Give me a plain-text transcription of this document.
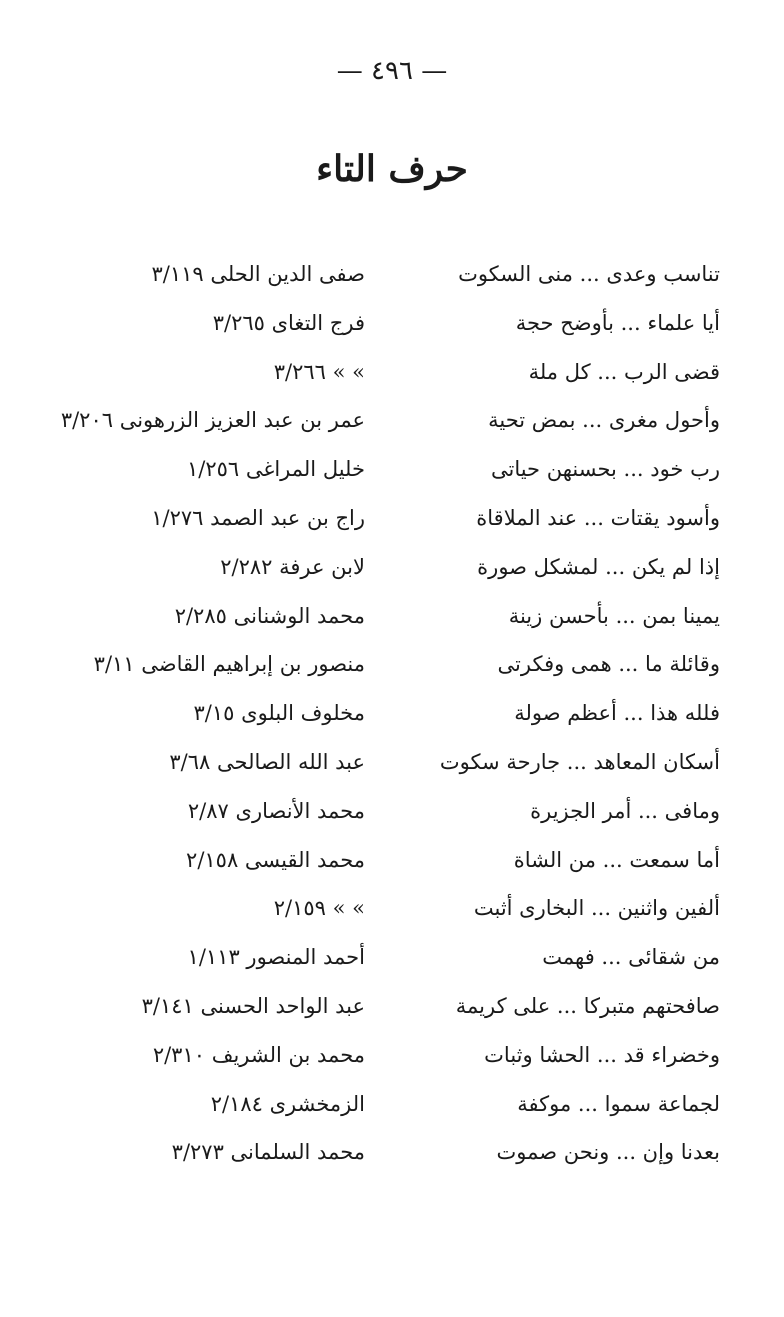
— ٤٩٦ —
حرف التاء
تناسب وعدى ... منى السكوت
صفى الدين الحلى ٣/١١٩
أيا علماء ... بأوضح حجة
فرج التغاى ٣/٢٦٥
قضى الرب ... كل ملة
» » ٣/٢٦٦
وأحول مغرى ... بمض تحية
عمر بن عبد العزيز الزرهونى ٣/٢٠٦
رب خود ... بحسنهن حياتى
خليل المراغى ١/٢٥٦
وأسود يقتات ... عند الملاقاة
راج بن عبد الصمد ١/٢٧٦
إذا لم يكن ... لمشكل صورة
لابن عرفة ٢/٢٨٢
يمينا بمن ... بأحسن زينة
محمد الوشنانى ٢/٢٨٥
وقائلة ما ... همى وفكرتى
منصور بن إبراهيم القاضى ٣/١١
فلله هذا ... أعظم صولة
مخلوف البلوى ٣/١٥
أسكان المعاهد ... جارحة سكوت
عبد الله الصالحى ٣/٦٨
ومافى ... أمر الجزيرة
محمد الأنصارى ٢/٨٧
أما سمعت ... من الشاة
محمد القيسى ٢/١٥٨
ألفين واثنين ... البخارى أثبت
» » ٢/١٥٩
من شقائى ... فهمت
أحمد المنصور ١/١١٣
صافحتهم متبركا ... على كريمة
عبد الواحد الحسنى ٣/١٤١
وخضراء قد ... الحشا وثبات
محمد بن الشريف ٢/٣١٠
لجماعة سموا ... موكفة
الزمخشرى ٢/١٨٤
بعدنا وإن ... ونحن صموت
محمد السلمانى ٣/٢٧٣
